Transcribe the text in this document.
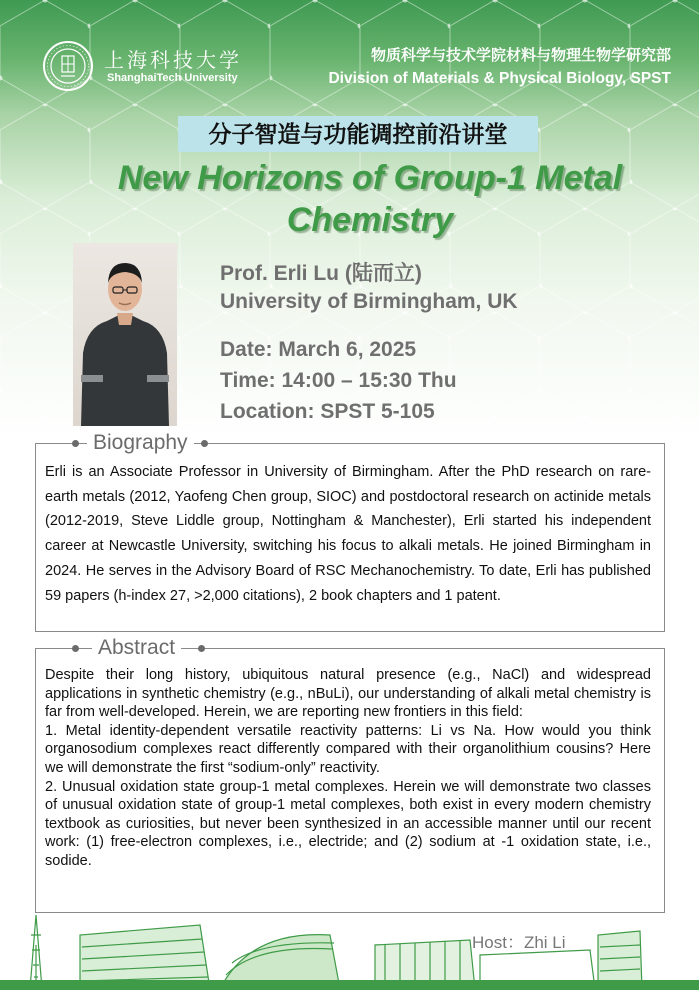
上海科技大学
ShanghaiTech University
物质科学与技术学院材料与物理生物学研究部
Division of Materials & Physical Biology, SPST
分子智造与功能调控前沿讲堂
New Horizons of Group-1 Metal Chemistry
Prof. Erli Lu (陆而立)
University of Birmingham, UK
Date: March 6, 2025
Time: 14:00 – 15:30 Thu
Location: SPST 5-105
Biography
Erli is an Associate Professor in University of Birmingham. After the PhD research on rare-earth metals (2012, Yaofeng Chen group, SIOC) and postdoctoral research on actinide metals (2012-2019, Steve Liddle group, Nottingham & Manchester), Erli started his independent career at Newcastle University, switching his focus to alkali metals. He joined Birmingham in 2024. He serves in the Advisory Board of RSC Mechanochemistry. To date, Erli has published 59 papers (h-index 27, >2,000 citations), 2 book chapters and 1 patent.
Abstract

Despite their long history, ubiquitous natural presence (e.g., NaCl) and widespread applications in synthetic chemistry (e.g., nBuLi), our understanding of alkali metal chemistry is far from well-developed. Herein, we are reporting new frontiers in this field:

1. Metal identity-dependent versatile reactivity patterns: Li vs Na. How would you think organosodium complexes react differently compared with their organolithium cousins? Here we will demonstrate the first “sodium-only” reactivity.

2. Unusual oxidation state group-1 metal complexes. Herein we will demonstrate two classes of unusual oxidation state of group-1 metal complexes, both exist in every modern chemistry textbook as curiosities, but never been synthesized in an accessible manner until our recent work: (1) free-electron complexes, i.e., electride; and (2) sodium at -1 oxidation state, i.e., sodide.

Host：Zhi Li
